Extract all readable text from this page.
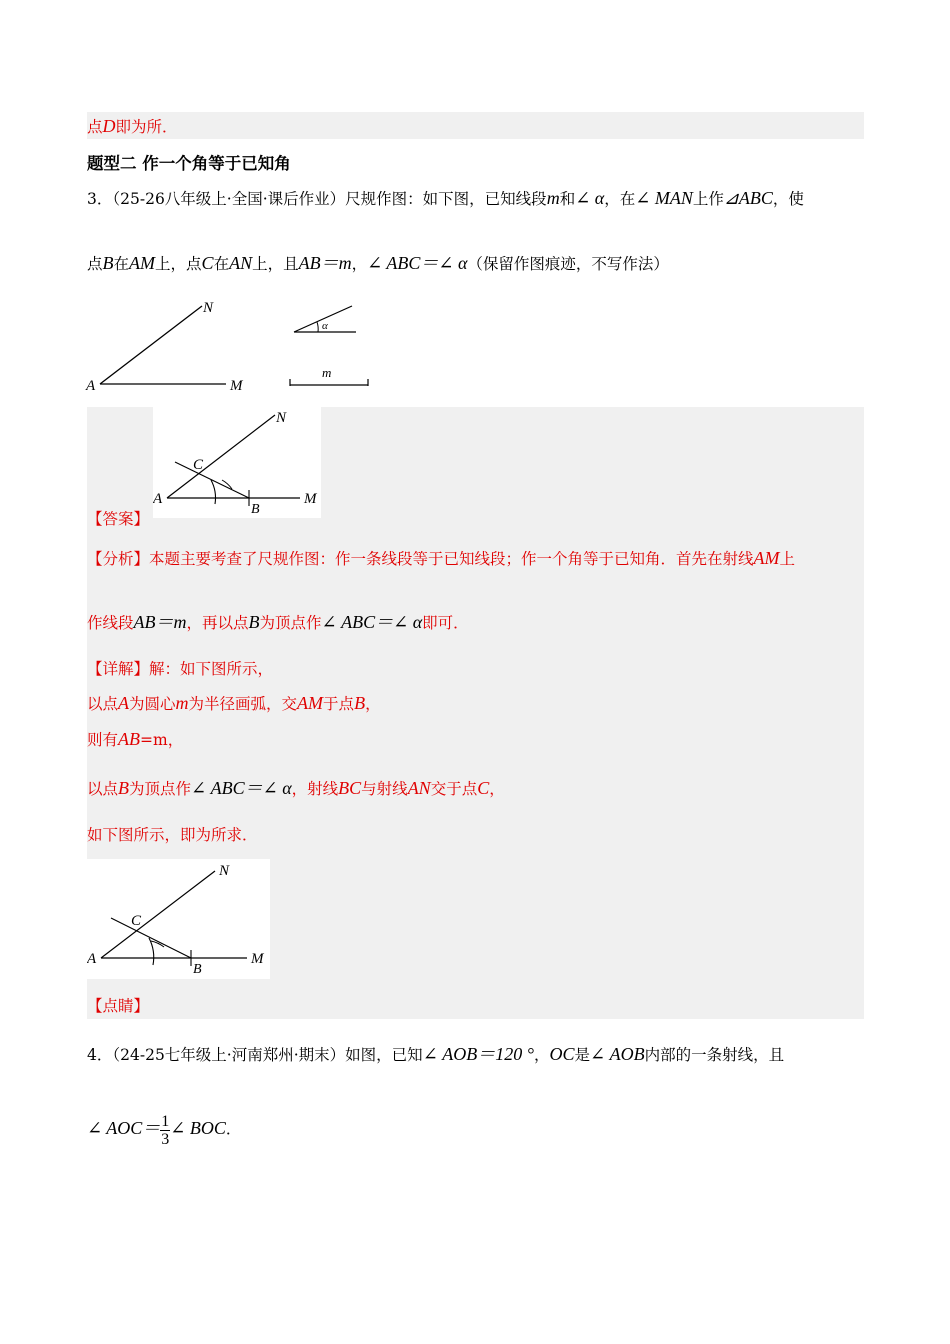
点D即为所．
题型二 作一个角等于已知角
3．（25-26八年级上·全国·课后作业）尺规作图：如下图，已知线段m和∠ α，在∠ MAN上作⊿ABC，使
点B在AM上，点C在AN上，且AB＝m，∠ ABC＝∠ α（保留作图痕迹，不写作法）
N
A	M
α
m
N
C
A	M
B
【答案】
【分析】本题主要考查了尺规作图：作一条线段等于已知线段；作一个角等于已知角．首先在射线AM上
作线段AB＝m，再以点B为顶点作∠ ABC＝∠ α即可．
【详解】解：如下图所示，
以点A为圆心m为半径画弧，交AM于点B，
则有AB=m，
以点B为顶点作∠ ABC＝∠ α，射线BC与射线AN交于点C，
如下图所示，即为所求．
N
C
A	M
B
【点睛】
4．（24-25七年级上·河南郑州·期末）如图，已知∠ AOB＝120 °，OC是∠ AOB内部的一条射线，且
∠ $AOC= \frac{1}{3}$ ∠ BOC．
